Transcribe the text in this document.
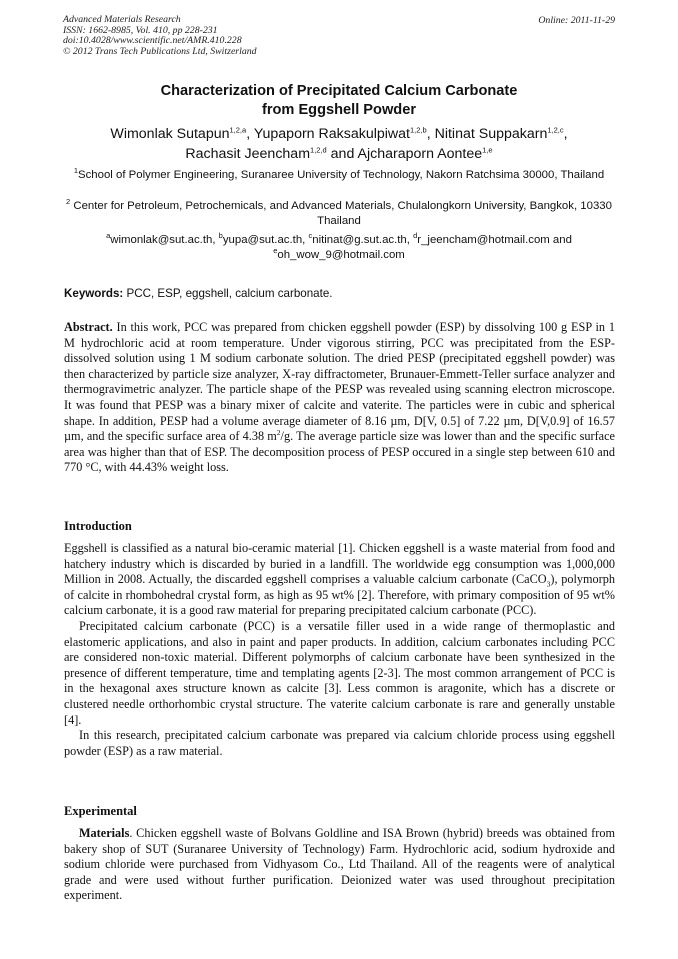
Advanced Materials Research
ISSN: 1662-8985, Vol. 410, pp 228-231
doi:10.4028/www.scientific.net/AMR.410.228
© 2012 Trans Tech Publications Ltd, Switzerland
Online: 2011-11-29
Characterization of Precipitated Calcium Carbonate
from Eggshell Powder
Wimonlak Sutapun$^{1,2,a}$, Yupaporn Raksakulpiwat$^{1,2,b}$, Nitinat Suppakarn$^{1,2,c}$,
Rachasit Jeencham$^{1,2,d}$ and Ajcharaporn Aontee$^{1,e}$
$^1$School of Polymer Engineering, Suranaree University of Technology, Nakorn Ratchsima 30000, Thailand
$^2$ Center for Petroleum, Petrochemicals, and Advanced Materials, Chulalongkorn University, Bangkok, 10330 Thailand
$^a$wimonlak@sut.ac.th, $^b$yupa@sut.ac.th, $^c$nitinat@g.sut.ac.th, $^d$r_jeencham@hotmail.com and
$^e$oh_wow_9@hotmail.com
Keywords: PCC, ESP, eggshell, calcium carbonate.

Abstract. In this work, PCC was prepared from chicken eggshell powder (ESP) by dissolving 100 g ESP in 1 M hydrochloric acid at room temperature. Under vigorous stirring, PCC was precipitated from the ESP-dissolved solution using 1 M sodium carbonate solution. The dried PESP (precipitated eggshell powder) was then characterized by particle size analyzer, X-ray diffractometer, Brunauer-Emmett-Teller surface analyzer and thermogravimetric analyzer. The particle shape of the PESP was revealed using scanning electron microscope. It was found that PESP was a binary mixer of calcite and vaterite. The particles were in cubic and spherical shape. In addition, PESP had a volume average diameter of 8.16 µm, D[V, 0.5] of 7.22 µm, D[V,0.9] of 16.57 µm, and the specific surface area of 4.38 $m^2/g$. The average particle size was lower than and the specific surface area was higher than that of ESP. The decomposition process of PESP occured in a single step between 610 and 770 °C, with 44.43% weight loss.

Introduction

Eggshell is classified as a natural bio-ceramic material [1]. Chicken eggshell is a waste material from food and hatchery industry which is discarded by buried in a landfill. The worldwide egg consumption was 1,000,000 Million in 2008. Actually, the discarded eggshell comprises a valuable calcium carbonate (CaCO$_3$), polymorph of calcite in rhombohedral crystal form, as high as 95 wt% [2]. Therefore, with primary composition of 95 wt% calcium carbonate, it is a good raw material for preparing precipitated calcium carbonate (PCC).

Precipitated calcium carbonate (PCC) is a versatile filler used in a wide range of thermoplastic and elastomeric applications, and also in paint and paper products. In addition, calcium carbonates including PCC are considered non-toxic material. Different polymorphs of calcium carbonate have been synthesized in the presence of different temperature, time and templating agents [2-3]. The most common arrangement of PCC is in the hexagonal axes structure known as calcite [3]. Less common is aragonite, which has a discrete or clustered needle orthorhombic crystal structure. The vaterite calcium carbonate is rare and generally unstable [4].

In this research, precipitated calcium carbonate was prepared via calcium chloride process using eggshell powder (ESP) as a raw material.

Experimental

Materials. Chicken eggshell waste of Bolvans Goldline and ISA Brown (hybrid) breeds was obtained from bakery shop of SUT (Suranaree University of Technology) Farm. Hydrochloric acid, sodium hydroxide and sodium chloride were purchased from Vidhyasom Co., Ltd Thailand. All of the reagents were of analytical grade and were used without further purification. Deionized water was used throughout precipitation experiment.
